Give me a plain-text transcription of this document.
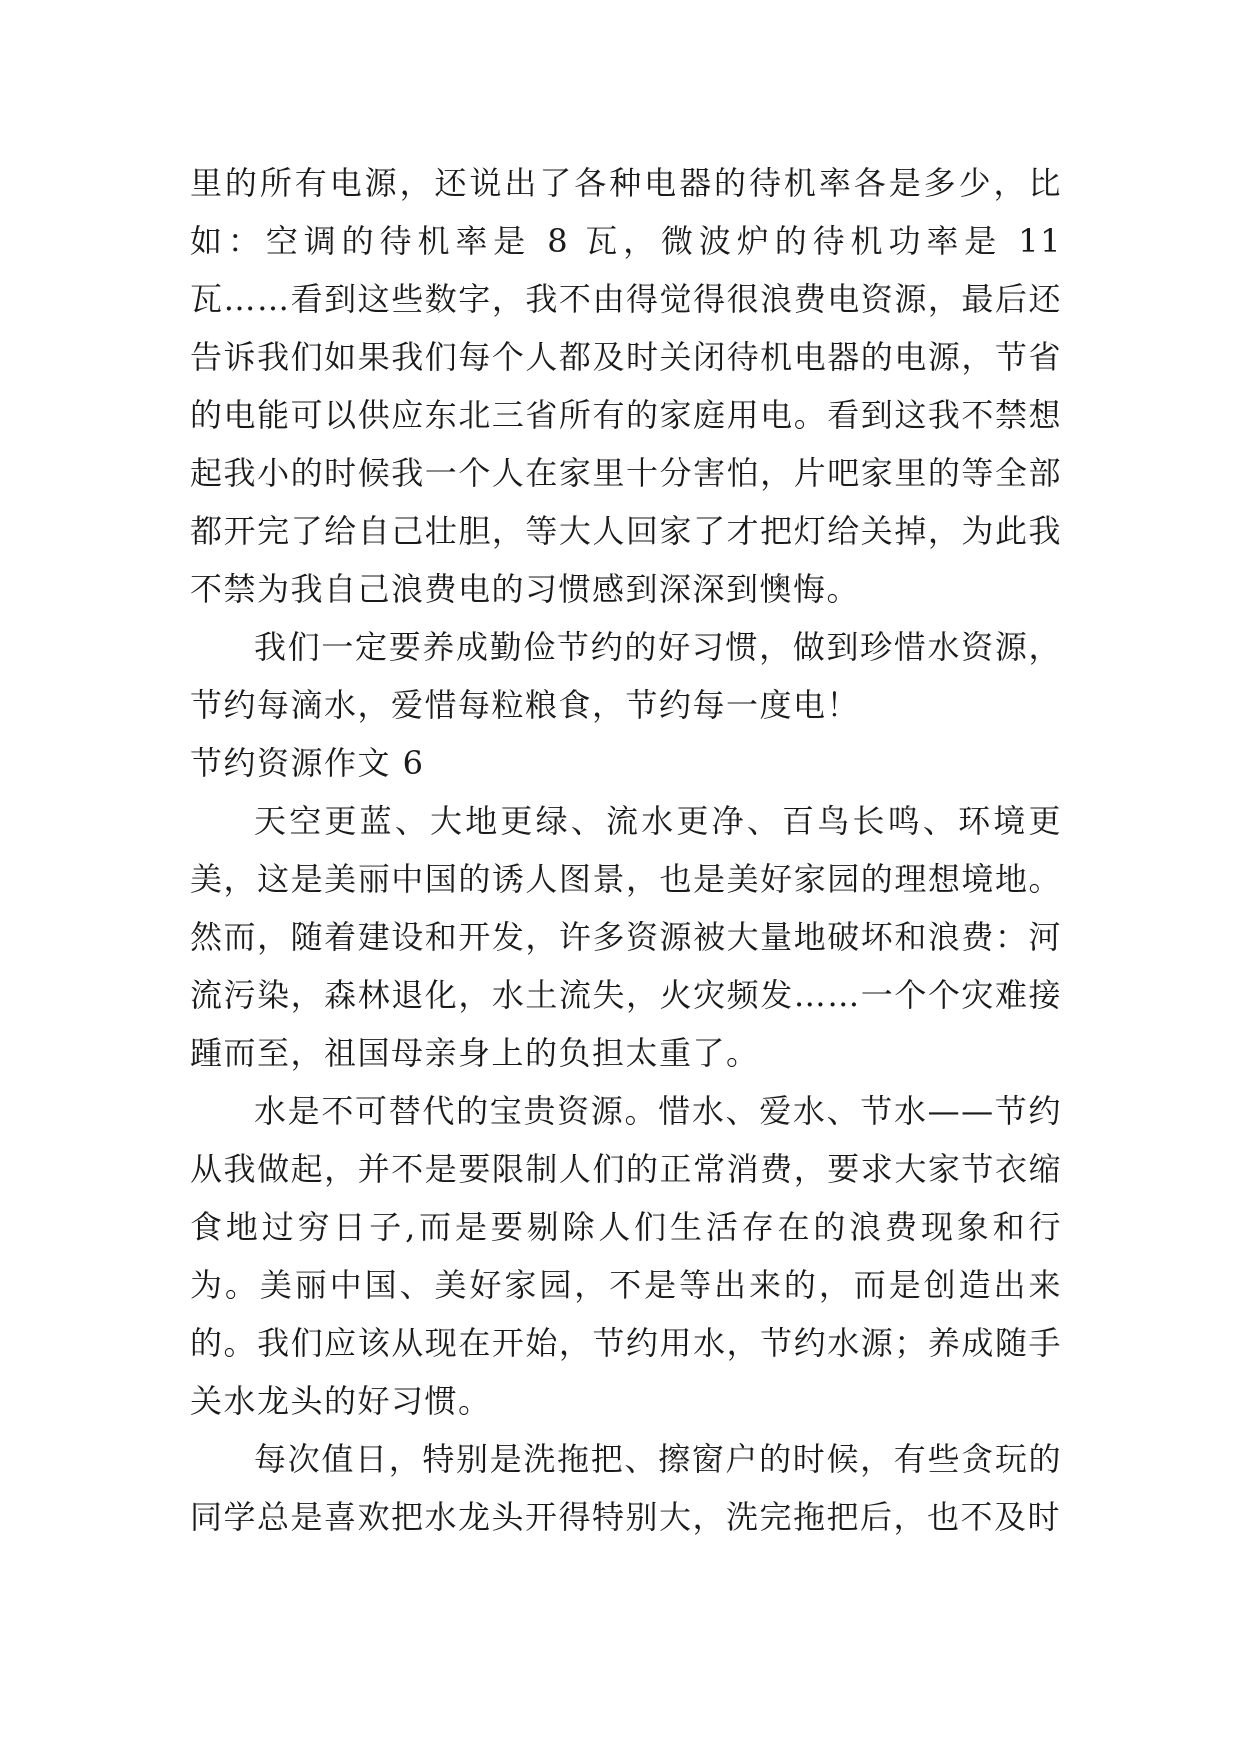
里的所有电源，还说出了各种电器的待机率各是多少，比如：空调的待机率是 8 瓦，微波炉的待机功率是 11 瓦……看到这些数字，我不由得觉得很浪费电资源，最后还告诉我们如果我们每个人都及时关闭待机电器的电源，节省的电能可以供应东北三省所有的家庭用电。看到这我不禁想起我小的时候我一个人在家里十分害怕，片吧家里的等全部都开完了给自己壮胆，等大人回家了才把灯给关掉，为此我不禁为我自己浪费电的习惯感到深深到懊悔。

我们一定要养成勤俭节约的好习惯，做到珍惜水资源，节约每滴水，爱惜每粒粮食，节约每一度电！

节约资源作文 6

天空更蓝、大地更绿、流水更净、百鸟长鸣、环境更美，这是美丽中国的诱人图景，也是美好家园的理想境地。然而，随着建设和开发，许多资源被大量地破坏和浪费：河流污染，森林退化，水土流失，火灾频发……一个个灾难接踵而至，祖国母亲身上的负担太重了。

水是不可替代的宝贵资源。惜水、爱水、节水——节约从我做起，并不是要限制人们的正常消费，要求大家节衣缩食地过穷日子,而是要剔除人们生活存在的浪费现象和行为。美丽中国、美好家园，不是等出来的，而是创造出来的。我们应该从现在开始，节约用水，节约水源；养成随手关水龙头的好习惯。

每次值日，特别是洗拖把、擦窗户的时候，有些贪玩的同学总是喜欢把水龙头开得特别大，洗完拖把后，也不及时
